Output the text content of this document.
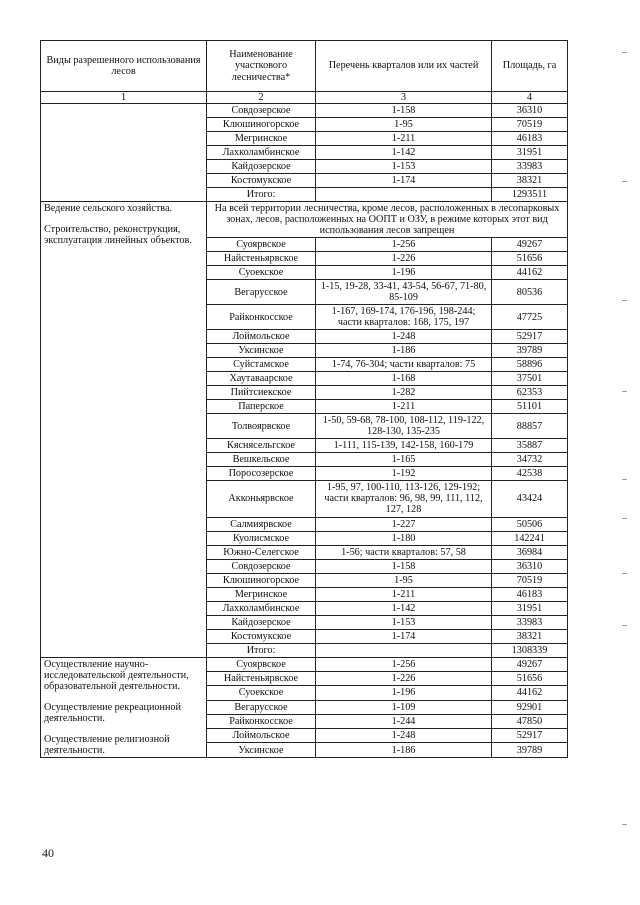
Виды разрешенного использования лесов	Наименование участкового лесничества*	Перечень кварталов или их частей	Площадь, га
1	2	3	4
	Совдозерское	1-158	36310
	Клюшиногорское	1-95	70519
	Мегринское	1-211	46183
	Лахколамбинское	1-142	31951
	Кайдозерское	1-153	33983
	Костомукское	1-174	38321
	Итого:		1293511

Ведение сельского хозяйства.
Строительство, реконструкция, эксплуатация линейных объектов.	На всей территории лесничества, кроме лесов, расположенных в лесопарковых зонах, лесов, расположенных на ООПТ и ОЗУ, в режиме которых этот вид использования лесов запрещен		
	Суоярвское	1-256	49267
	Найстеньярвское	1-226	51656
	Суоекское	1-196	44162
	Вегарусское	1-15, 19-28, 33-41, 43-54, 56-67, 71-80, 85-109	80536
	Райконкосское	1-167, 169-174, 176-196, 198-244; части кварталов: 168, 175, 197	47725
	Лоймольское	1-248	52917
	Уксинское	1-186	39789
	Суйстамское	1-74, 76-304; части кварталов: 75	58896
	Хаутаваарское	1-168	37501
	Пийтсиекское	1-282	62353
	Паперское	1-211	51101
	Толвоярвское	1-50, 59-68, 78-100, 108-112, 119-122, 128-130, 135-235	88857
	Кяснясельгское	1-111, 115-139, 142-158, 160-179	35887
	Вешкельское	1-165	34732
	Поросозерское	1-192	42538
	Акконьярвское	1-95, 97, 100-110, 113-126, 129-192; части кварталов: 96, 98, 99, 111, 112, 127, 128	43424
	Салмиярвское	1-227	50506
	Куолисмское	1-180	142241
	Южно-Селегское	1-56; части кварталов: 57, 58	36984
	Совдозерское	1-158	36310
	Клюшиногорское	1-95	70519
	Мегринское	1-211	46183
	Лахколамбинское	1-142	31951
	Кайдозерское	1-153	33983
	Костомукское	1-174	38321
	Итого:		1308339

Осуществление научно-исследовательской деятельности, образовательной деятельности.
Осуществление рекреационной деятельности.
Осуществление религиозной деятельности.	Суоярвское	1-256	49267
	Найстеньярвское	1-226	51656
	Суоекское	1-196	44162
	Вегарусское	1-109	92901
	Райконкосское	1-244	47850
	Лоймольское	1-248	52917
	Уксинское	1-186	39789
40
